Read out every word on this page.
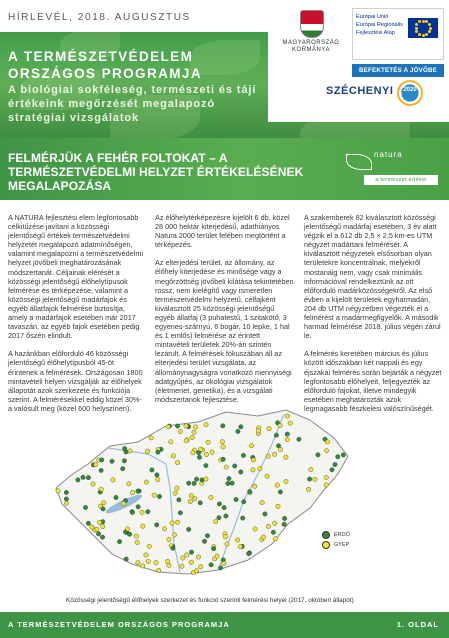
HÍRLEVÉL, 2018. AUGUSZTUS
A TERMÉSZETVÉDELEM ORSZÁGOS PROGRAMJA
A biológiai sokféleség, természeti és tájí értékeink megőrzését megalapozó stratégiai vizsgálatok
MAGYARORSZÁG KORMÁNYA
Európai Unió
Európai Regionális
Fejlesztési Alap
BEFEKTETÉS A JÖVŐBE
SZÉCHENYI	2020
FELMÉRJÜK A FEHÉR FOLTOKAT – A TERMÉSZETVÉDELMI HELYZET ÉRTÉKELÉSÉNEK MEGALAPOZÁSA
natura
a természet értékei

A NATURA fejlesztési elem legfontosabb célkitűzése javítani a közösségi jelentőségű értékek természetvédelmi helyzetét megalapozó adatmínőségen, valamint megalapozni a természetvédelmi helyzet jövőbeli meghatározásának módszertanát. Céljainak elérését a közösségi jelentőségű élőhelytípusok felmérése és térképezése, valamint a közösségi jelentőségű madárfajok és egyéb állatfajok felmérése biztosítja, amely a madárfajok esetében már 2017 tavaszán, az egyéb fajok esetében pedig 2017 őszén elindult.

A hazánkban előforduló 46 közösségi jelentőségű élőhelytípusból 45-öt érintenek a felmérések. Országosan 1800 mintavételi helyen vizsgálják az élőhelyek állapotát azok szerkezete és funkciója szerint. A felmérésekkel eddig közel 30%-a valósult meg (közel 600 helyszínen).

Az élőhelytérképezésre kijelölt 6 db, közel 28 000 hektár kiterjedésű, adathiányos Natura 2000 terület felében megtörtént a térképezés.

Az elterjedési terület, az állomány, az élőhely kiterjedése és minősége vagy a megőrzöttség jövőbeli kilátása tekintetében rossz, nem kielégítő vagy ismeretlen természetvédelmi helyzetű, célfajként kiválasztott 25 közösségi jelentőségű egyéb állatfaj (3 puhatestű, 1 szitakötő, 3 egyenes-szárnyú, 6 bogár, 10 lepke, 1 hal és 1 emlős) felmérése az érintett mintavételi területek 20%-án szintén lezárult. A felmérések fókuszában áll az elterjedési terület vizsgálata, az állománynagyságra vonatkozó mennyiségi adatgyűjtés, az ökológiai vizsgálatok (életmenet, genetika), és a vizsgálati módszertanok fejlesztése.

A szakemberek 82 kiválasztott közösségi jelentőségű madárfaj esetében, 3 év alatt végzik el a 612 db 2,5 × 2,5 km-es UTM négyzet madártani felmérését. A kiválasztott négyzetek elsősorban olyan területekre koncentrálnak, melyekről mostanáig nem, vagy csak minimális információval rendelkeztünk az ott előforduló madárközösségekről. Az első évben a kijelölt területek egyharmadán, 204 db UTM négyzetben végezték el a felmérést a madárrnegfigyelők. A második harmad felmérése 2018. július végén zárul le.

A felmérés keretében március és július között időszakban két nappali és egy éjszakai felmérés során bejárták a négyzet legfontosabb élőhelyeit, feljegyezték az előforduló fajokat, illetve mindegyik esetében meghatározták azok legmagasabb fészkelési valószínűségét.

ERDŐ
GYEP
Közösségi jelentőségű élőhelyek szerkezet és funkció szerinti felmérési helyei (2017. októberi állapot)
A TERMÉSZETVÉDELEM ORSZÁGOS PROGRAMJA	1. OLDAL
